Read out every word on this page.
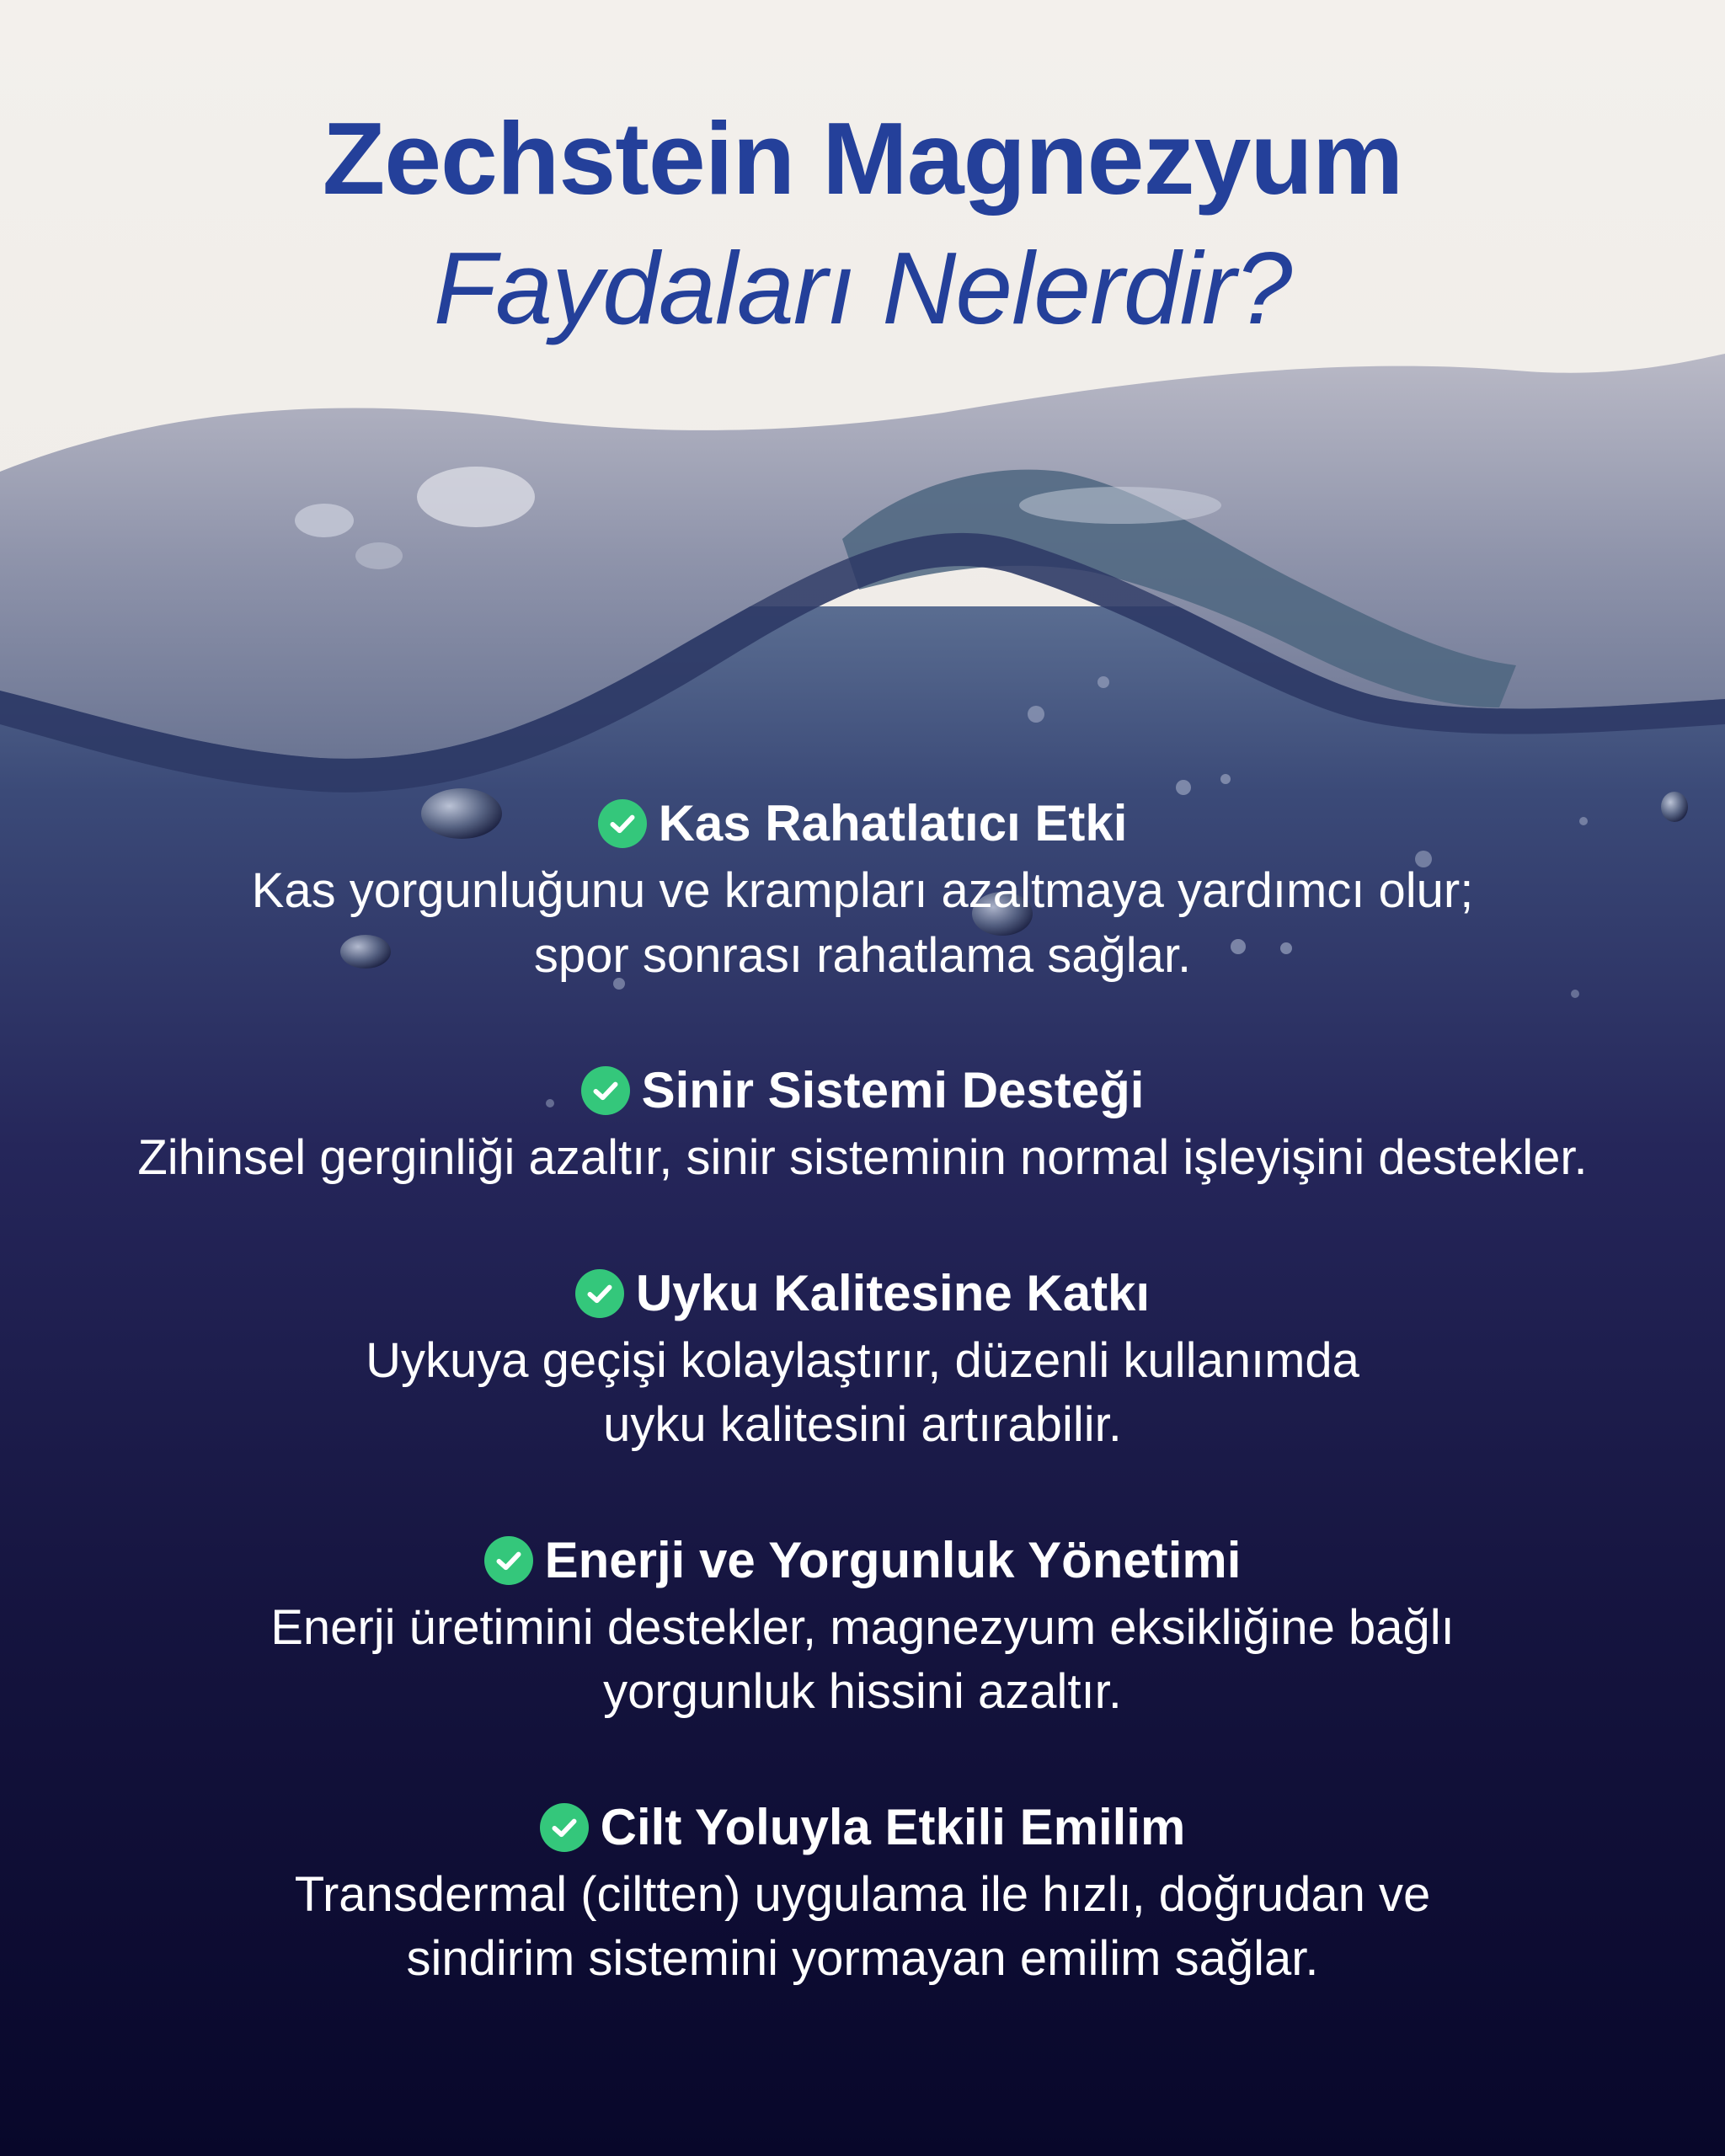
Zechstein Magnezyum
Faydaları Nelerdir?
Kas Rahatlatıcı Etki
Kas yorgunluğunu ve krampları azaltmaya yardımcı olur;
spor sonrası rahatlama sağlar.
Sinir Sistemi Desteği
Zihinsel gerginliği azaltır, sinir sisteminin normal işleyişini destekler.
Uyku Kalitesine Katkı
Uykuya geçişi kolaylaştırır, düzenli kullanımda
uyku kalitesini artırabilir.
Enerji ve Yorgunluk Yönetimi
Enerji üretimini destekler, magnezyum eksikliğine bağlı
yorgunluk hissini azaltır.
Cilt Yoluyla Etkili Emilim
Transdermal (ciltten) uygulama ile hızlı, doğrudan ve
sindirim sistemini yormayan emilim sağlar.
